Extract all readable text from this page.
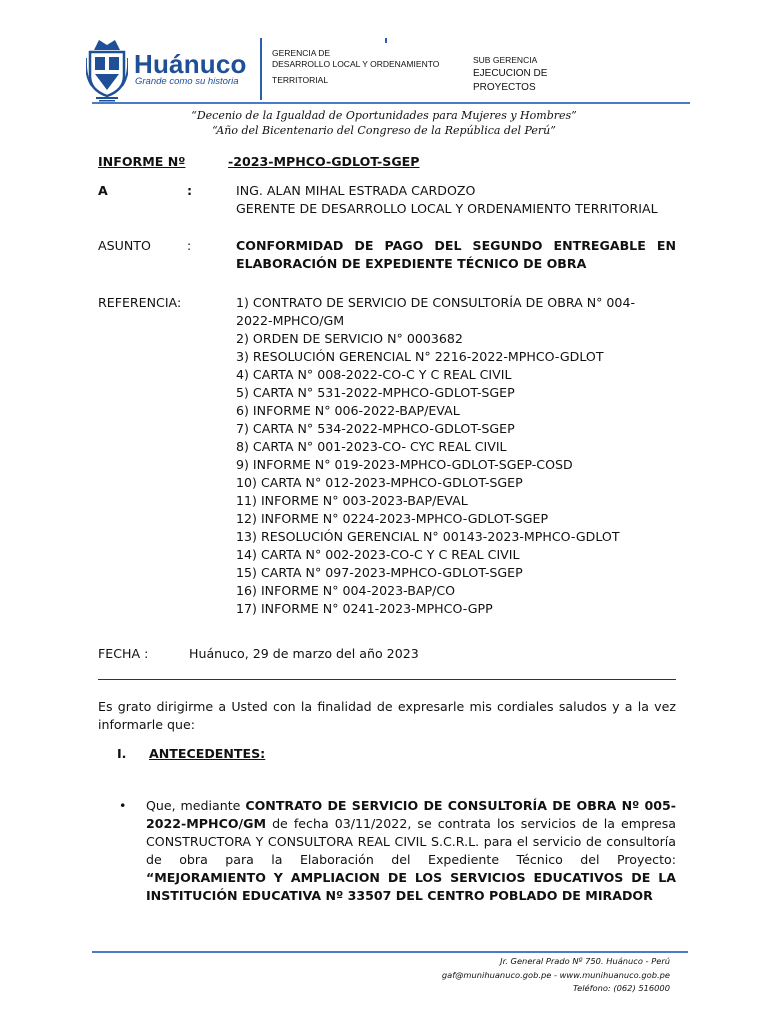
Huánuco
Grande como su historia
GERENCIA DE
DESARROLLO LOCAL Y ORDENAMIENTO
TERRITORIAL
SUB GERENCIA
EJECUCION DE
PROYECTOS
“Decenio de la Igualdad de Oportunidades para Mujeres y Hombres”
“Año del Bicentenario del Congreso de la República del Perú”
INFORME Nº	-2023-MPHCO-GDLOT-SGEP
A	:	ING. ALAN MIHAL ESTRADA CARDOZO
GERENTE DE DESARROLLO LOCAL Y ORDENAMIENTO TERRITORIAL
ASUNTO	:	CONFORMIDAD DE PAGO DEL SEGUNDO ENTREGABLE EN
ELABORACIÓN DE EXPEDIENTE TÉCNICO DE OBRA
REFERENCIA:	1) CONTRATO DE SERVICIO DE CONSULTORÍA DE OBRA N° 004-
2022-MPHCO/GM
2) ORDEN DE SERVICIO N° 0003682
3) RESOLUCIÓN GERENCIAL N° 2216-2022-MPHCO-GDLOT
4) CARTA N° 008-2022-CO-C Y C REAL CIVIL
5) CARTA N° 531-2022-MPHCO-GDLOT-SGEP
6) INFORME N° 006-2022-BAP/EVAL
7) CARTA N° 534-2022-MPHCO-GDLOT-SGEP
8) CARTA N° 001-2023-CO- CYC REAL CIVIL
9) INFORME N° 019-2023-MPHCO-GDLOT-SGEP-COSD
10) CARTA N° 012-2023-MPHCO-GDLOT-SGEP
11) INFORME N° 003-2023-BAP/EVAL
12) INFORME N° 0224-2023-MPHCO-GDLOT-SGEP
13) RESOLUCIÓN GERENCIAL N° 00143-2023-MPHCO-GDLOT
14) CARTA N° 002-2023-CO-C Y C REAL CIVIL
15) CARTA N° 097-2023-MPHCO-GDLOT-SGEP
16) INFORME N° 004-2023-BAP/CO
17) INFORME N° 0241-2023-MPHCO-GPP
FECHA :	Huánuco, 29 de marzo del año 2023
Es grato dirigirme a Usted con la finalidad de expresarle mis cordiales saludos y a la vez informarle que:
I. ANTECEDENTES:
• Que, mediante CONTRATO DE SERVICIO DE CONSULTORÍA DE OBRA Nº 005-2022-MPHCO/GM de fecha 03/11/2022, se contrata los servicios de la empresa CONSTRUCTORA Y CONSULTORA REAL CIVIL S.C.R.L. para el servicio de consultoría de obra para la Elaboración del Expediente Técnico del Proyecto: “MEJORAMIENTO Y AMPLIACION DE LOS SERVICIOS EDUCATIVOS DE LA INSTITUCIÓN EDUCATIVA Nº 33507 DEL CENTRO POBLADO DE MIRADOR
Jr. General Prado Nº 750. Huánuco - Perú
gaf@munihuanuco.gob.pe - www.munihuanuco.gob.pe
Teléfono: (062) 516000
